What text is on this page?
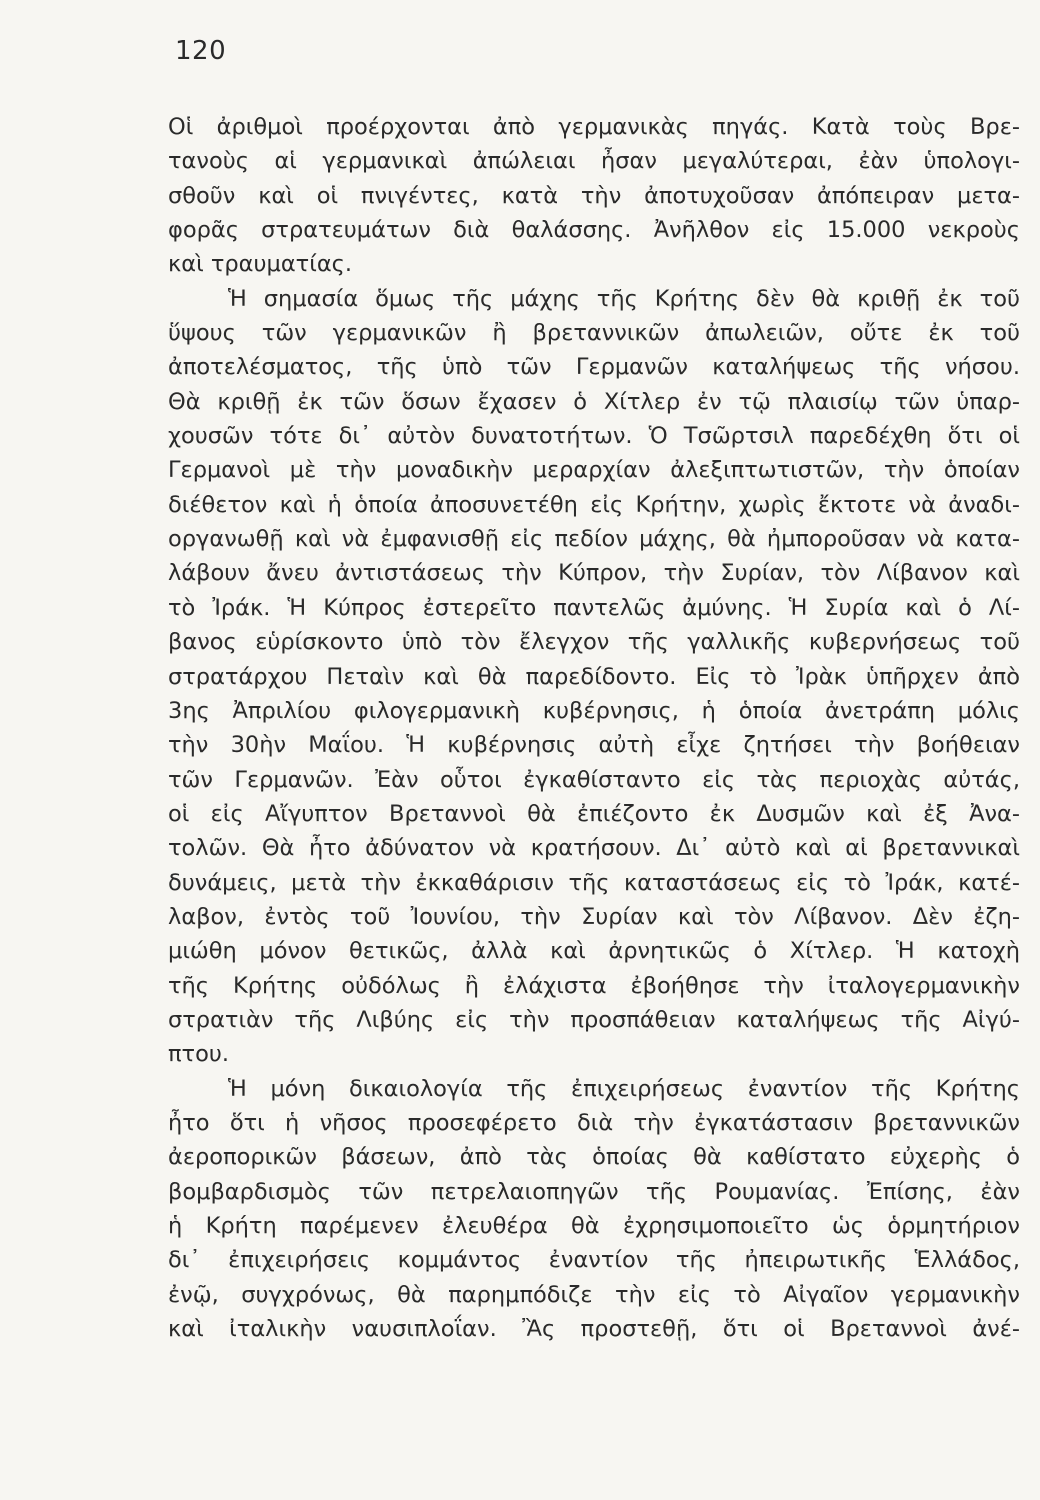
120
Οἱ ἀριθμοὶ προέρχονται ἀπὸ γερμανικὰς πηγάς. Κατὰ τοὺς Βρε-
τανοὺς αἱ γερμανικαὶ ἀπώλειαι ἦσαν μεγαλύτεραι, ἐὰν ὑπολογι-
σθοῦν καὶ οἱ πνιγέντες, κατὰ τὴν ἀποτυχοῦσαν ἀπόπειραν μετα-
φορᾶς στρατευμάτων διὰ θαλάσσης. Ἀνῆλθον εἰς 15.000 νεκροὺς
καὶ τραυματίας.
Ἡ σημασία ὅμως τῆς μάχης τῆς Κρήτης δὲν θὰ κριθῇ ἐκ τοῦ
ὕψους τῶν γερμανικῶν ἢ βρεταννικῶν ἀπωλειῶν, οὔτε ἐκ τοῦ
ἀποτελέσματος, τῆς ὑπὸ τῶν Γερμανῶν καταλήψεως τῆς νήσου.
Θὰ κριθῇ ἐκ τῶν ὅσων ἔχασεν ὁ Χίτλερ ἐν τῷ πλαισίῳ τῶν ὑπαρ-
χουσῶν τότε δι᾿ αὐτὸν δυνατοτήτων. Ὁ Τσῶρτσιλ παρεδέχθη ὅτι οἱ
Γερμανοὶ μὲ τὴν μοναδικὴν μεραρχίαν ἀλεξιπτωτιστῶν, τὴν ὁποίαν
διέθετον καὶ ἡ ὁποία ἀποσυνετέθη εἰς Κρήτην, χωρὶς ἔκτοτε νὰ ἀναδι-
οργανωθῇ καὶ νὰ ἐμφανισθῇ εἰς πεδίον μάχης, θὰ ἠμποροῦσαν νὰ κατα-
λάβουν ἄνευ ἀντιστάσεως τὴν Κύπρον, τὴν Συρίαν, τὸν Λίβανον καὶ
τὸ Ἰράκ. Ἡ Κύπρος ἐστερεῖτο παντελῶς ἀμύνης. Ἡ Συρία καὶ ὁ Λί-
βανος εὑρίσκοντο ὑπὸ τὸν ἔλεγχον τῆς γαλλικῆς κυβερνήσεως τοῦ
στρατάρχου Πεταὶν καὶ θὰ παρεδίδοντο. Εἰς τὸ Ἰρὰκ ὑπῆρχεν ἀπὸ
3ης Ἀπριλίου φιλογερμανικὴ κυβέρνησις, ἡ ὁποία ἀνετράπη μόλις
τὴν 30ὴν Μαΐου. Ἡ κυβέρνησις αὐτὴ εἶχε ζητήσει τὴν βοήθειαν
τῶν Γερμανῶν. Ἐὰν οὗτοι ἐγκαθίσταντο εἰς τὰς περιοχὰς αὐτάς,
οἱ εἰς Αἴγυπτον Βρεταννοὶ θὰ ἐπιέζοντο ἐκ Δυσμῶν καὶ ἐξ Ἀνα-
τολῶν. Θὰ ἦτο ἀδύνατον νὰ κρατήσουν. Δι᾿ αὐτὸ καὶ αἱ βρεταννικαὶ
δυνάμεις, μετὰ τὴν ἐκκαθάρισιν τῆς καταστάσεως εἰς τὸ Ἰράκ, κατέ-
λαβον, ἐντὸς τοῦ Ἰουνίου, τὴν Συρίαν καὶ τὸν Λίβανον. Δὲν ἐζη-
μιώθη μόνον θετικῶς, ἀλλὰ καὶ ἀρνητικῶς ὁ Χίτλερ. Ἡ κατοχὴ
τῆς Κρήτης οὐδόλως ἢ ἐλάχιστα ἐβοήθησε τὴν ἰταλογερμανικὴν
στρατιὰν τῆς Λιβύης εἰς τὴν προσπάθειαν καταλήψεως τῆς Αἰγύ-
πτου.
Ἡ μόνη δικαιολογία τῆς ἐπιχειρήσεως ἐναντίον τῆς Κρήτης
ἦτο ὅτι ἡ νῆσος προσεφέρετο διὰ τὴν ἐγκατάστασιν βρεταννικῶν
ἀεροπορικῶν βάσεων, ἀπὸ τὰς ὁποίας θὰ καθίστατο εὐχερὴς ὁ
βομβαρδισμὸς τῶν πετρελαιοπηγῶν τῆς Ρουμανίας. Ἐπίσης, ἐὰν
ἡ Κρήτη παρέμενεν ἐλευθέρα θὰ ἐχρησιμοποιεῖτο ὡς ὁρμητήριον
δι᾿ ἐπιχειρήσεις κομμάντος ἐναντίον τῆς ἠπειρωτικῆς Ἑλλάδος,
ἐνῷ, συγχρόνως, θὰ παρημπόδιζε τὴν εἰς τὸ Αἰγαῖον γερμανικὴν
καὶ ἰταλικὴν ναυσιπλοΐαν. Ἂς προστεθῇ, ὅτι οἱ Βρεταννοὶ ἀνέ-
